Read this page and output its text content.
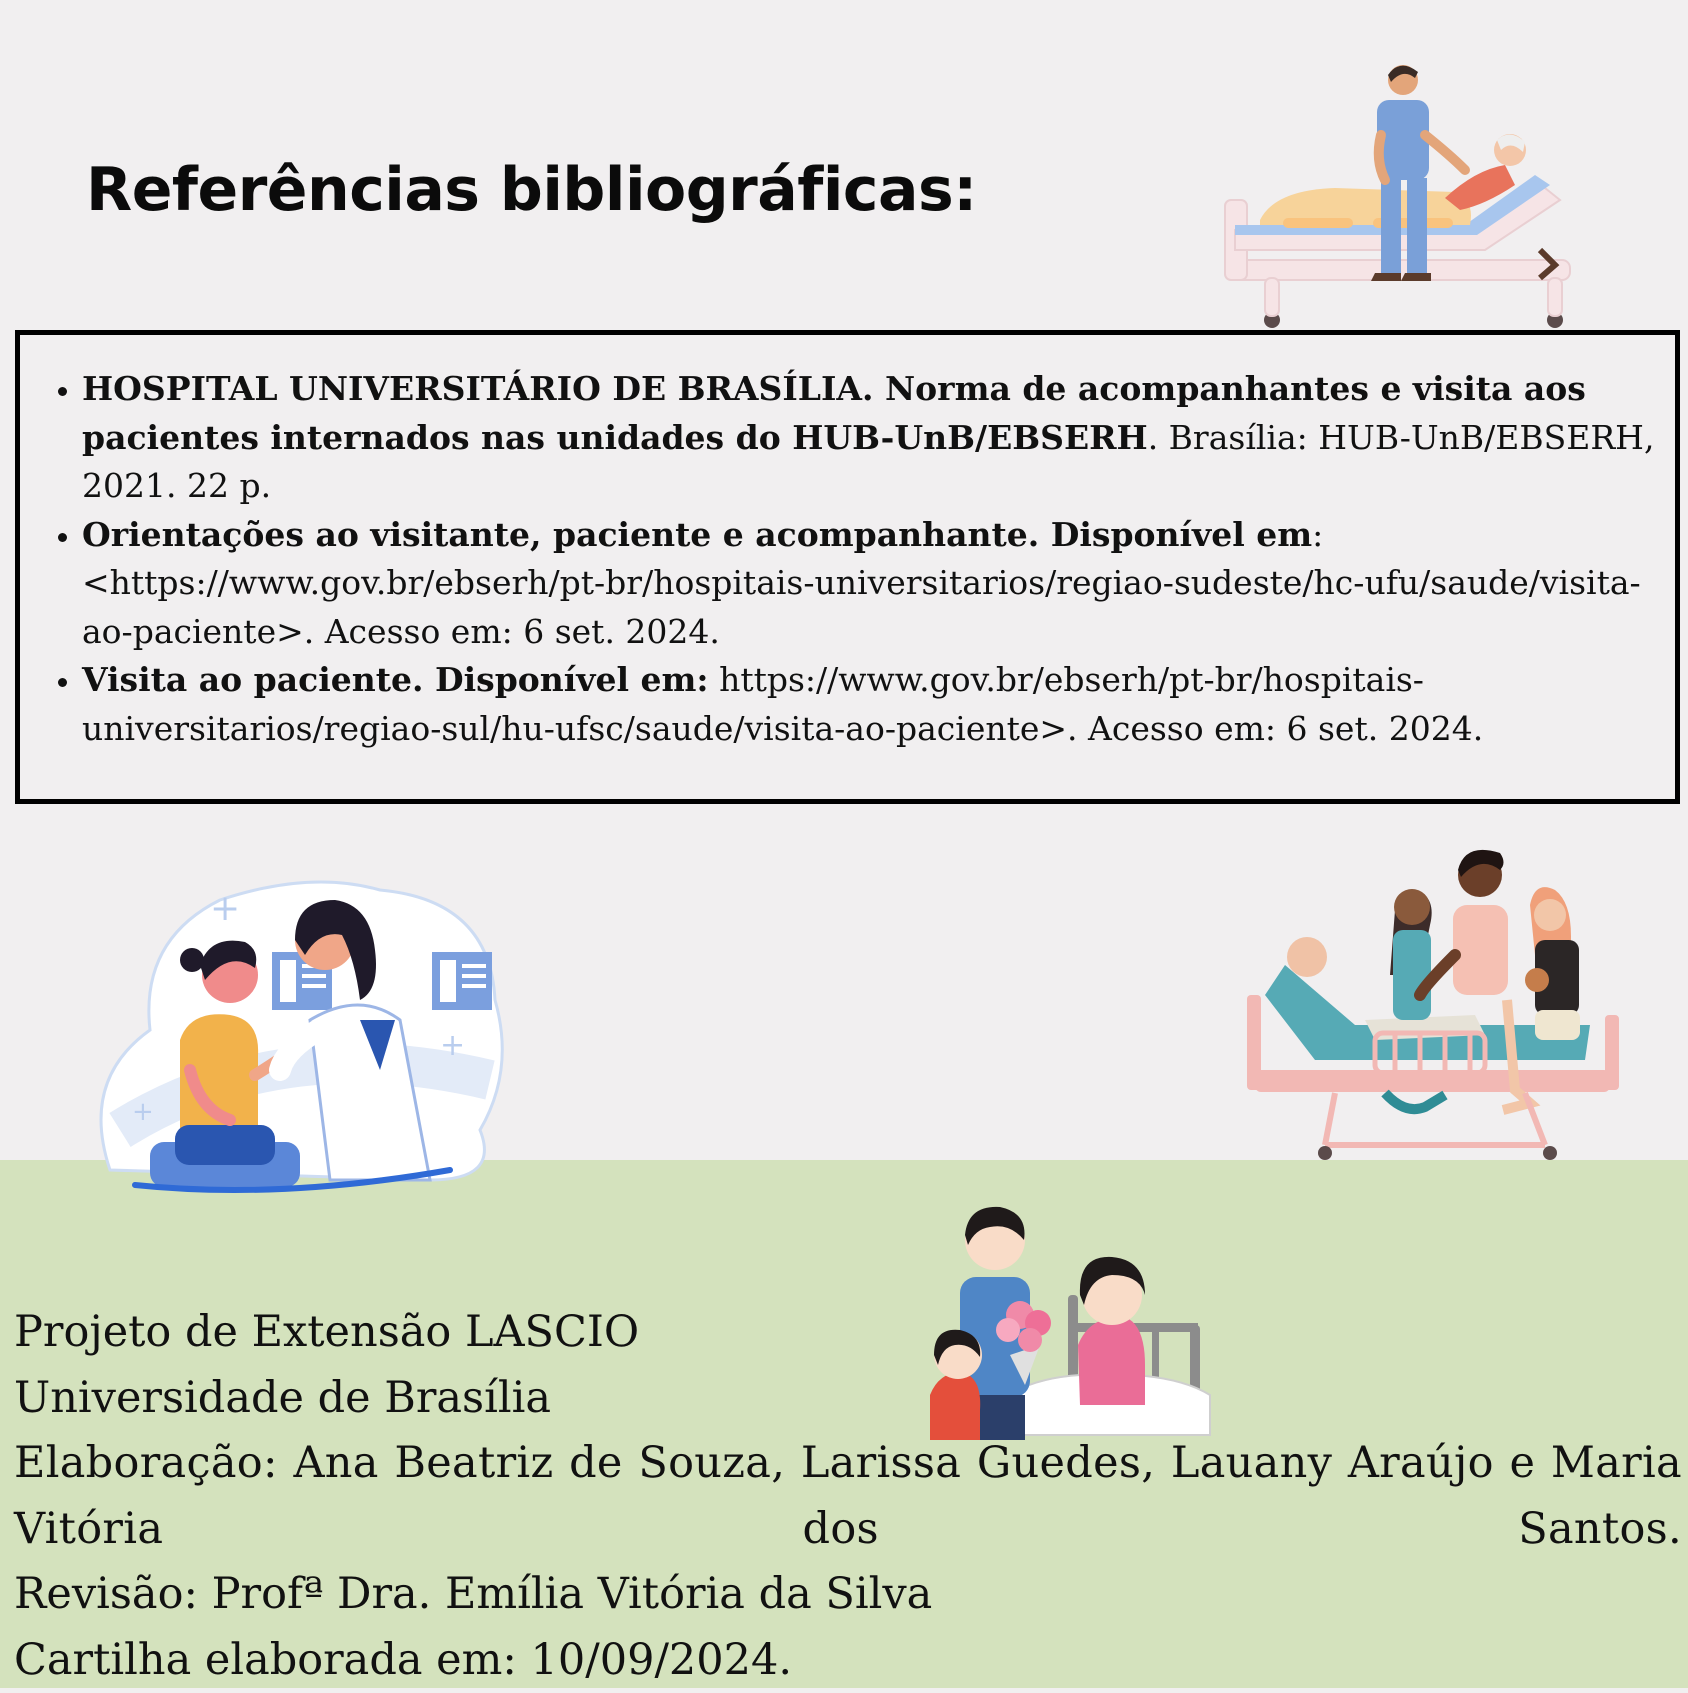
Referências bibliográficas:
• HOSPITAL UNIVERSITÁRIO DE BRASÍLIA. Norma de acompanhantes e visita aos pacientes internados nas unidades do HUB-UnB/EBSERH. Brasília: HUB-UnB/EBSERH, 2021. 22 p.
• Orientações ao visitante, paciente e acompanhante. Disponível em: <https://www.gov.br/ebserh/pt-br/hospitais-universitarios/regiao-sudeste/hc-ufu/saude/visita-ao-paciente>. Acesso em: 6 set. 2024.
• Visita ao paciente. Disponível em: https://www.gov.br/ebserh/pt-br/hospitais-universitarios/regiao-sul/hu-ufsc/saude/visita-ao-paciente>. Acesso em: 6 set. 2024.
+
+
+
Projeto de Extensão LASCIO
Universidade de Brasília
Elaboração: Ana Beatriz de Souza, Larissa Guedes, Lauany Araújo e Maria Vitória dos Santos.
Revisão: Profª Dra. Emília Vitória da Silva
Cartilha elaborada em: 10/09/2024.
